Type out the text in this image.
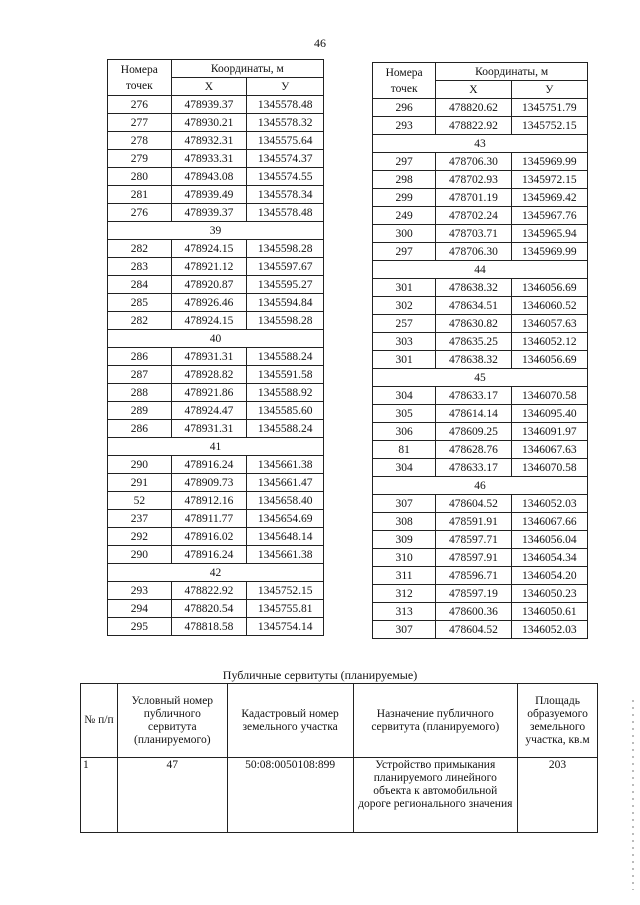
46
Номера точек	Координаты, м	
	X	У
276	478939.37	1345578.48
277	478930.21	1345578.32
278	478932.31	1345575.64
279	478933.31	1345574.37
280	478943.08	1345574.55
281	478939.49	1345578.34
276	478939.37	1345578.48
39		
282	478924.15	1345598.28
283	478921.12	1345597.67
284	478920.87	1345595.27
285	478926.46	1345594.84
282	478924.15	1345598.28
40		
286	478931.31	1345588.24
287	478928.82	1345591.58
288	478921.86	1345588.92
289	478924.47	1345585.60
286	478931.31	1345588.24
41		
290	478916.24	1345661.38
291	478909.73	1345661.47
52	478912.16	1345658.40
237	478911.77	1345654.69
292	478916.02	1345648.14
290	478916.24	1345661.38
42		
293	478822.92	1345752.15
294	478820.54	1345755.81
295	478818.58	1345754.14
Номера точек	Координаты, м	
	X	У
296	478820.62	1345751.79
293	478822.92	1345752.15
43		
297	478706.30	1345969.99
298	478702.93	1345972.15
299	478701.19	1345969.42
249	478702.24	1345967.76
300	478703.71	1345965.94
297	478706.30	1345969.99
44		
301	478638.32	1346056.69
302	478634.51	1346060.52
257	478630.82	1346057.63
303	478635.25	1346052.12
301	478638.32	1346056.69
45		
304	478633.17	1346070.58
305	478614.14	1346095.40
306	478609.25	1346091.97
81	478628.76	1346067.63
304	478633.17	1346070.58
46		
307	478604.52	1346052.03
308	478591.91	1346067.66
309	478597.71	1346056.04
310	478597.91	1346054.34
311	478596.71	1346054.20
312	478597.19	1346050.23
313	478600.36	1346050.61
307	478604.52	1346052.03
Публичные сервитуты (планируемые)
№ п/п	Условный номер публичного сервитута (планируемого)	Кадастровый номер земельного участка	Назначение публичного сервитута (планируемого)	Площадь образуемого земельного участка, кв.м
1	47	50:08:0050108:899	Устройство примыкания планируемого линейного объекта к автомобильной дороге регионального значения	203
